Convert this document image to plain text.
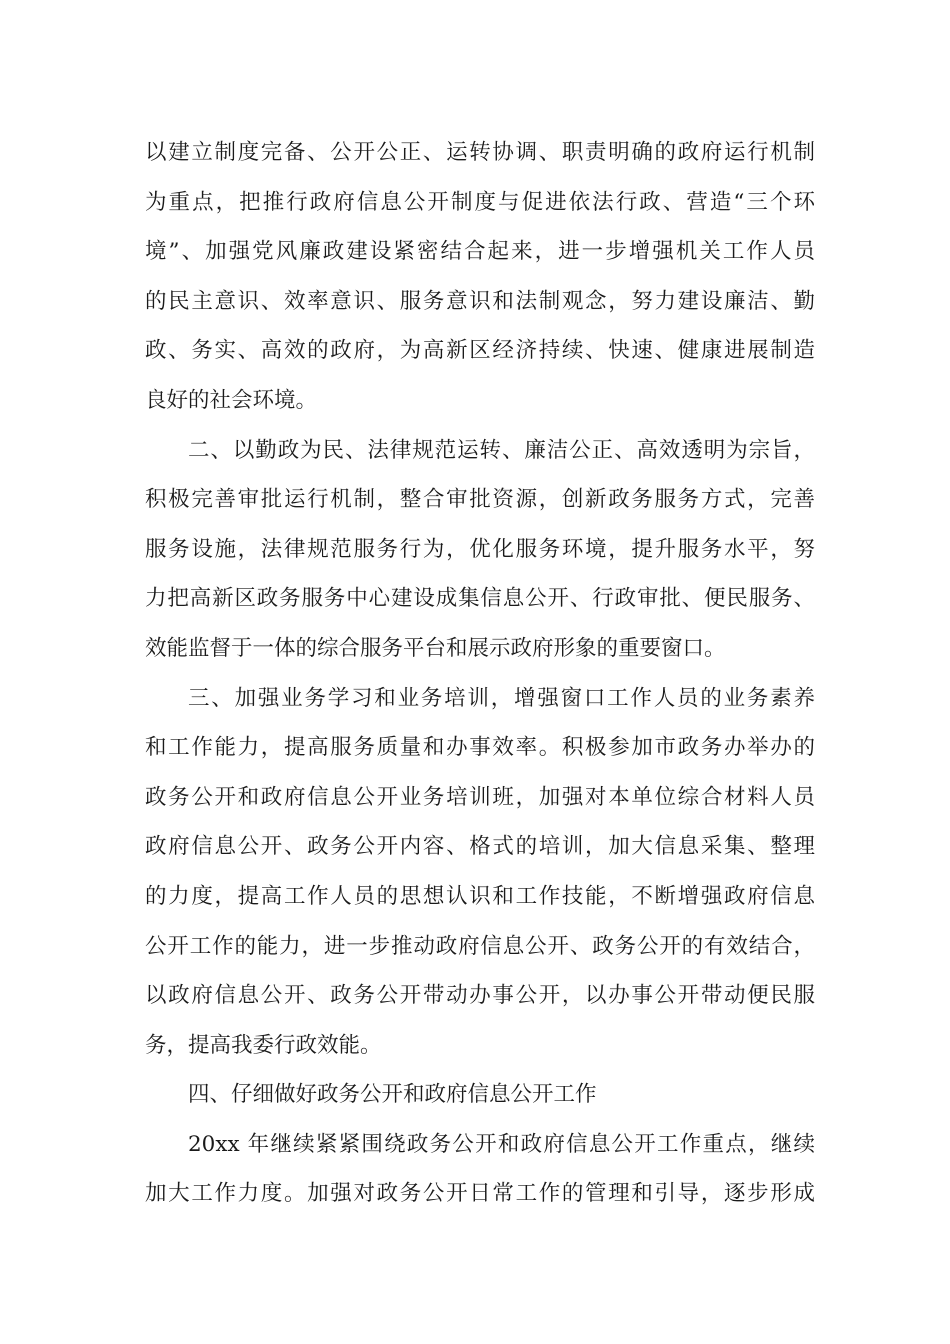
以建立制度完备、公开公正、运转协调、职责明确的政府运行机制
为重点，把推行政府信息公开制度与促进依法行政、营造“三个环
境”、加强党风廉政建设紧密结合起来，进一步增强机关工作人员
的民主意识、效率意识、服务意识和法制观念，努力建设廉洁、勤
政、务实、高效的政府，为高新区经济持续、快速、健康进展制造
良好的社会环境。
二、以勤政为民、法律规范运转、廉洁公正、高效透明为宗旨，
积极完善审批运行机制，整合审批资源，创新政务服务方式，完善
服务设施，法律规范服务行为，优化服务环境，提升服务水平，努
力把高新区政务服务中心建设成集信息公开、行政审批、便民服务、
效能监督于一体的综合服务平台和展示政府形象的重要窗口。
三、加强业务学习和业务培训，增强窗口工作人员的业务素养
和工作能力，提高服务质量和办事效率。积极参加市政务办举办的
政务公开和政府信息公开业务培训班，加强对本单位综合材料人员
政府信息公开、政务公开内容、格式的培训，加大信息采集、整理
的力度，提高工作人员的思想认识和工作技能，不断增强政府信息
公开工作的能力，进一步推动政府信息公开、政务公开的有效结合，
以政府信息公开、政务公开带动办事公开，以办事公开带动便民服
务，提高我委行政效能。
四、仔细做好政务公开和政府信息公开工作
20xx 年继续紧紧围绕政务公开和政府信息公开工作重点，继续
加大工作力度。加强对政务公开日常工作的管理和引导，逐步形成
